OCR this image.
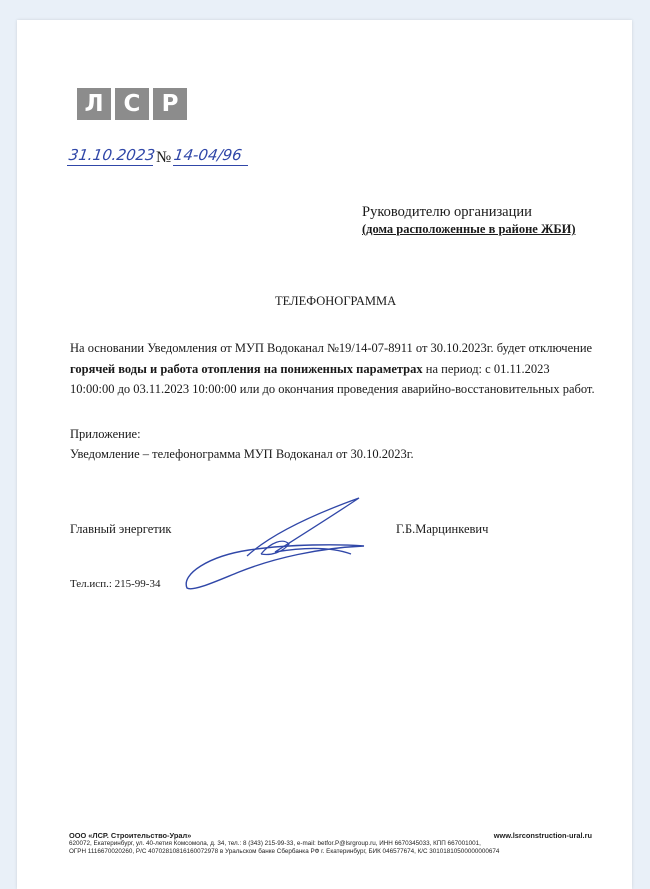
Л С Р
31.10.2023 № 14-04/96
Руководителю организации
(дома расположенные в районе ЖБИ)
ТЕЛЕФОНОГРАММА
На основании Уведомления от МУП Водоканал №19/14-07-8911 от 30.10.2023г. будет отключение
горячей воды и работа отопления на пониженных параметрах на период: с 01.11.2023
10:00:00 до 03.11.2023 10:00:00 или до окончания проведения аварийно-восстановительных работ.
Приложение:
Уведомление – телефонограмма МУП Водоканал от 30.10.2023г.
Главный энергетик	Г.Б.Марцинкевич
Тел.исп.: 215-99-34
ООО «ЛСР. Строительство-Урал»	www.lsrconstruction-ural.ru
620072, Екатеринбург, ул. 40-летия Комсомола, д. 34, тел.: 8 (343) 215-99-33, e-mail: betfor.P@lsrgroup.ru, ИНН 6670345033, КПП 667001001,
ОГРН 1116670020260, Р/С 40702810816160072978 в Уральском банке Сбербанка РФ г. Екатеринбург, БИК 046577674, К/С 30101810500000000674
